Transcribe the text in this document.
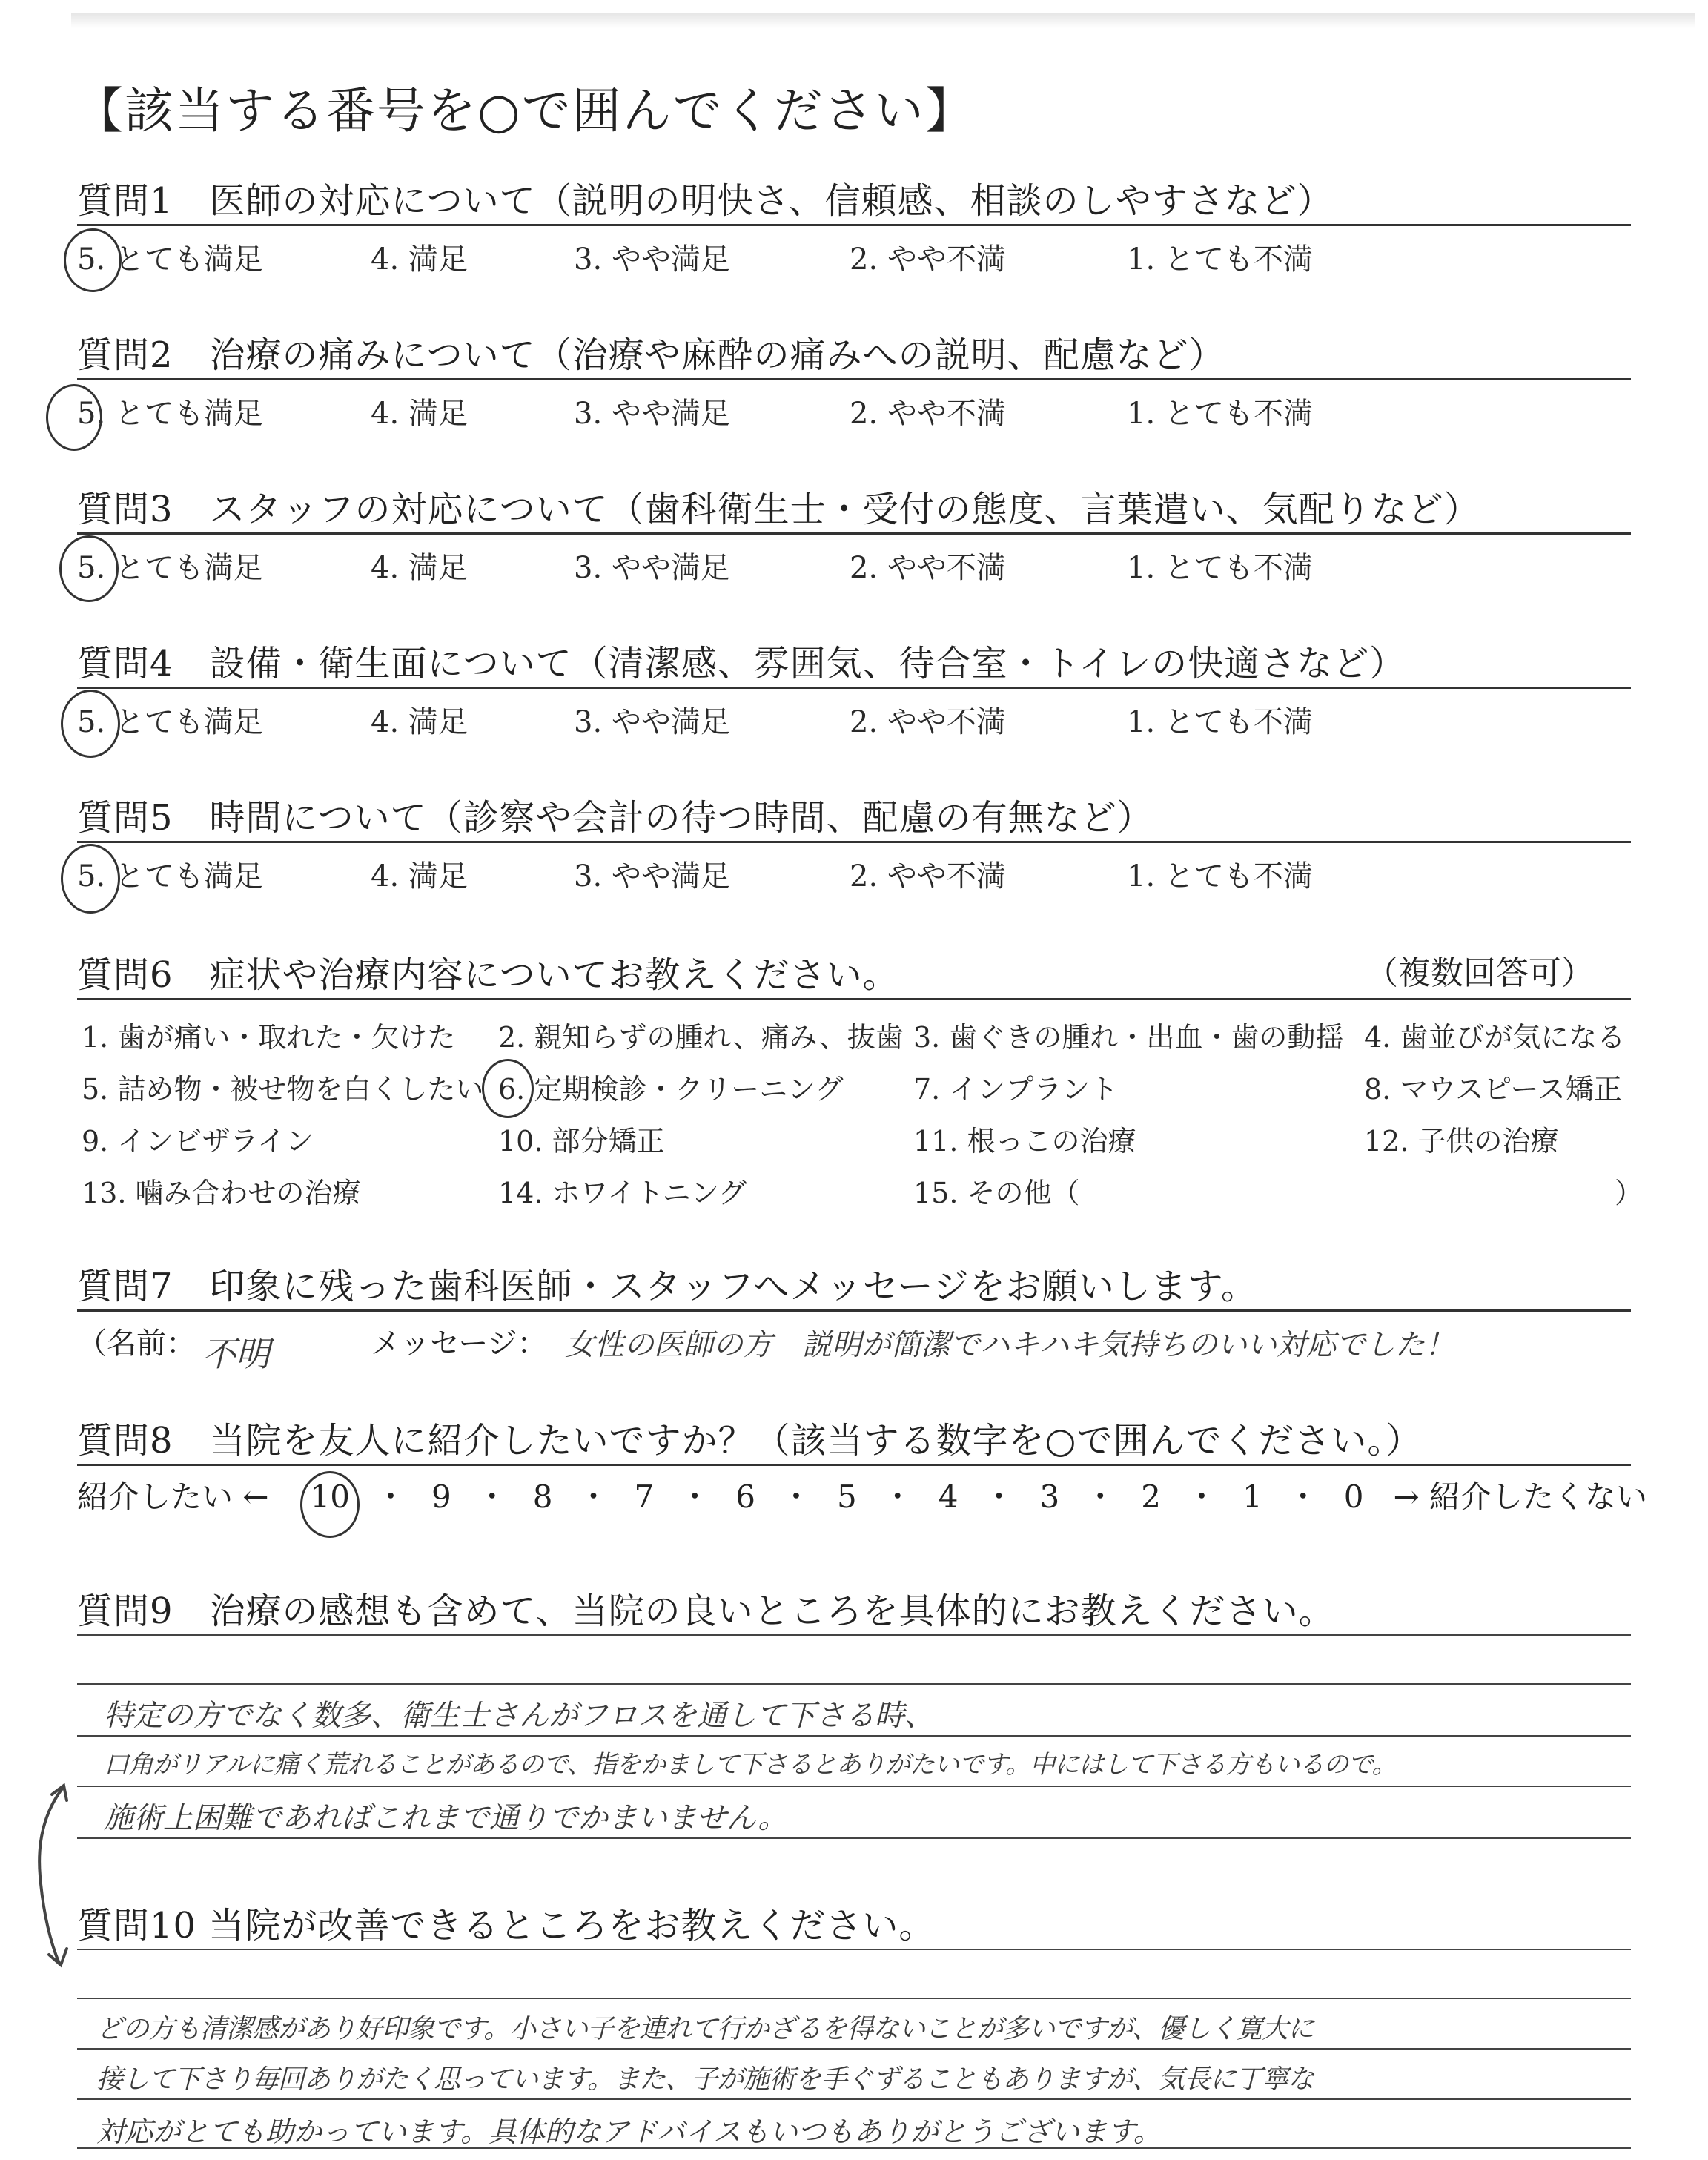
【該当する番号を○で囲んでください】
質問1　医師の対応について（説明の明快さ、信頼感、相談のしやすさなど）
5. とても満足	4. 満足	3. やや満足	2. やや不満	1. とても不満
質問2　治療の痛みについて（治療や麻酔の痛みへの説明、配慮など）
5. とても満足	4. 満足	3. やや満足	2. やや不満	1. とても不満
質問3　スタッフの対応について（歯科衛生士・受付の態度、言葉遣い、気配りなど）
5. とても満足	4. 満足	3. やや満足	2. やや不満	1. とても不満
質問4　設備・衛生面について（清潔感、雰囲気、待合室・トイレの快適さなど）
5. とても満足	4. 満足	3. やや満足	2. やや不満	1. とても不満
質問5　時間について（診察や会計の待つ時間、配慮の有無など）
5. とても満足	4. 満足	3. やや満足	2. やや不満	1. とても不満
質問6　症状や治療内容についてお教えください。	（複数回答可）
1. 歯が痛い・取れた・欠けた 2. 親知らずの腫れ、痛み、抜歯 3. 歯ぐきの腫れ・出血・歯の動揺 4. 歯並びが気になる
5. 詰め物・被せ物を白くしたい 6. 定期検診・クリーニング 7. インプラント	8. マウスピース矯正
9. インビザライン	10. 部分矯正	11. 根っこの治療	12. 子供の治療
13. 噛み合わせの治療	14. ホワイトニング	15. その他（	）
質問7　印象に残った歯科医師・スタッフへメッセージをお願いします。
（名前： 不明	メッセージ： 女性の医師の方　説明が簡潔でハキハキ気持ちのいい対応でした！
質問8　当院を友人に紹介したいですか？（該当する数字を○で囲んでください。）
紹介したい ← 10 ・ 9 ・ 8 ・ 7 ・ 6 ・ 5 ・ 4 ・ 3 ・ 2 ・ 1 ・ 0 → 紹介したくない
質問9　治療の感想も含めて、当院の良いところを具体的にお教えください。
特定の方でなく数多、衛生士さんがフロスを通して下さる時、
口角がリアルに痛く荒れることがあるので、指をかまして下さるとありがたいです。中にはして下さる方もいるので。
施術上困難であればこれまで通りでかまいません。
質問10 当院が改善できるところをお教えください。
どの方も清潔感があり好印象です。小さい子を連れて行かざるを得ないことが多いですが、優しく寛大に
接して下さり毎回ありがたく思っています。また、子が施術を手ぐずることもありますが、気長に丁寧な
対応がとても助かっています。具体的なアドバイスもいつもありがとうございます。
